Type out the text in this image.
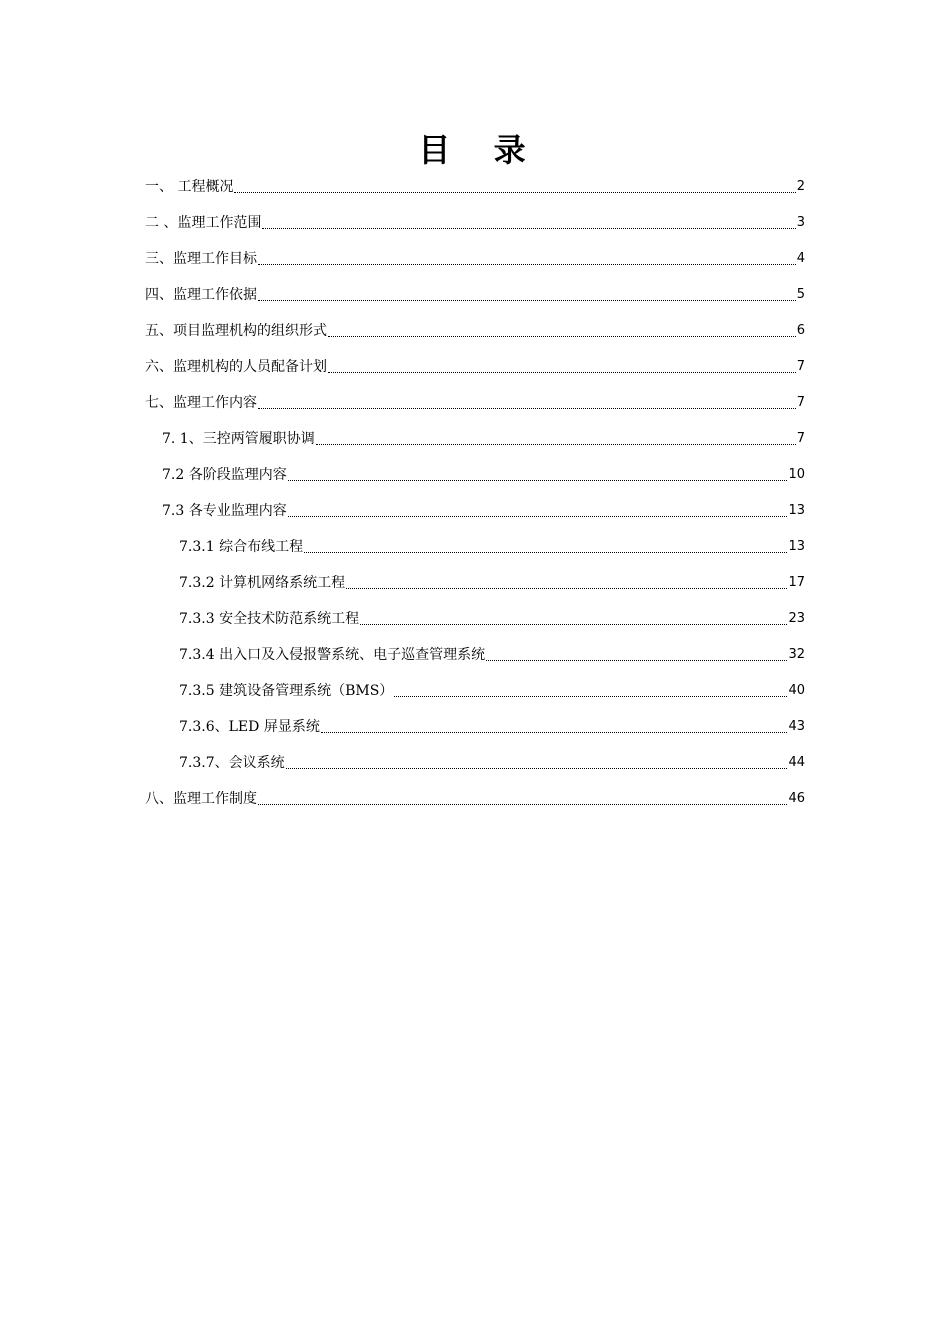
目 录
一、 工程概况	2
二 、监理工作范围	3
三、监理工作目标	4
四、监理工作依据	5
五、项目监理机构的组织形式	6
六、监理机构的人员配备计划	7
七、监理工作内容	7
7. 1、三控两管履职协调	7
7.2 各阶段监理内容	10
7.3 各专业监理内容	13
7.3.1 综合布线工程	13
7.3.2 计算机网络系统工程	17
7.3.3 安全技术防范系统工程	23
7.3.4 出入口及入侵报警系统、电子巡查管理系统	32
7.3.5 建筑设备管理系统（BMS）	40
7.3.6、LED 屏显系统	43
7.3.7、会议系统	44
八、监理工作制度	46
